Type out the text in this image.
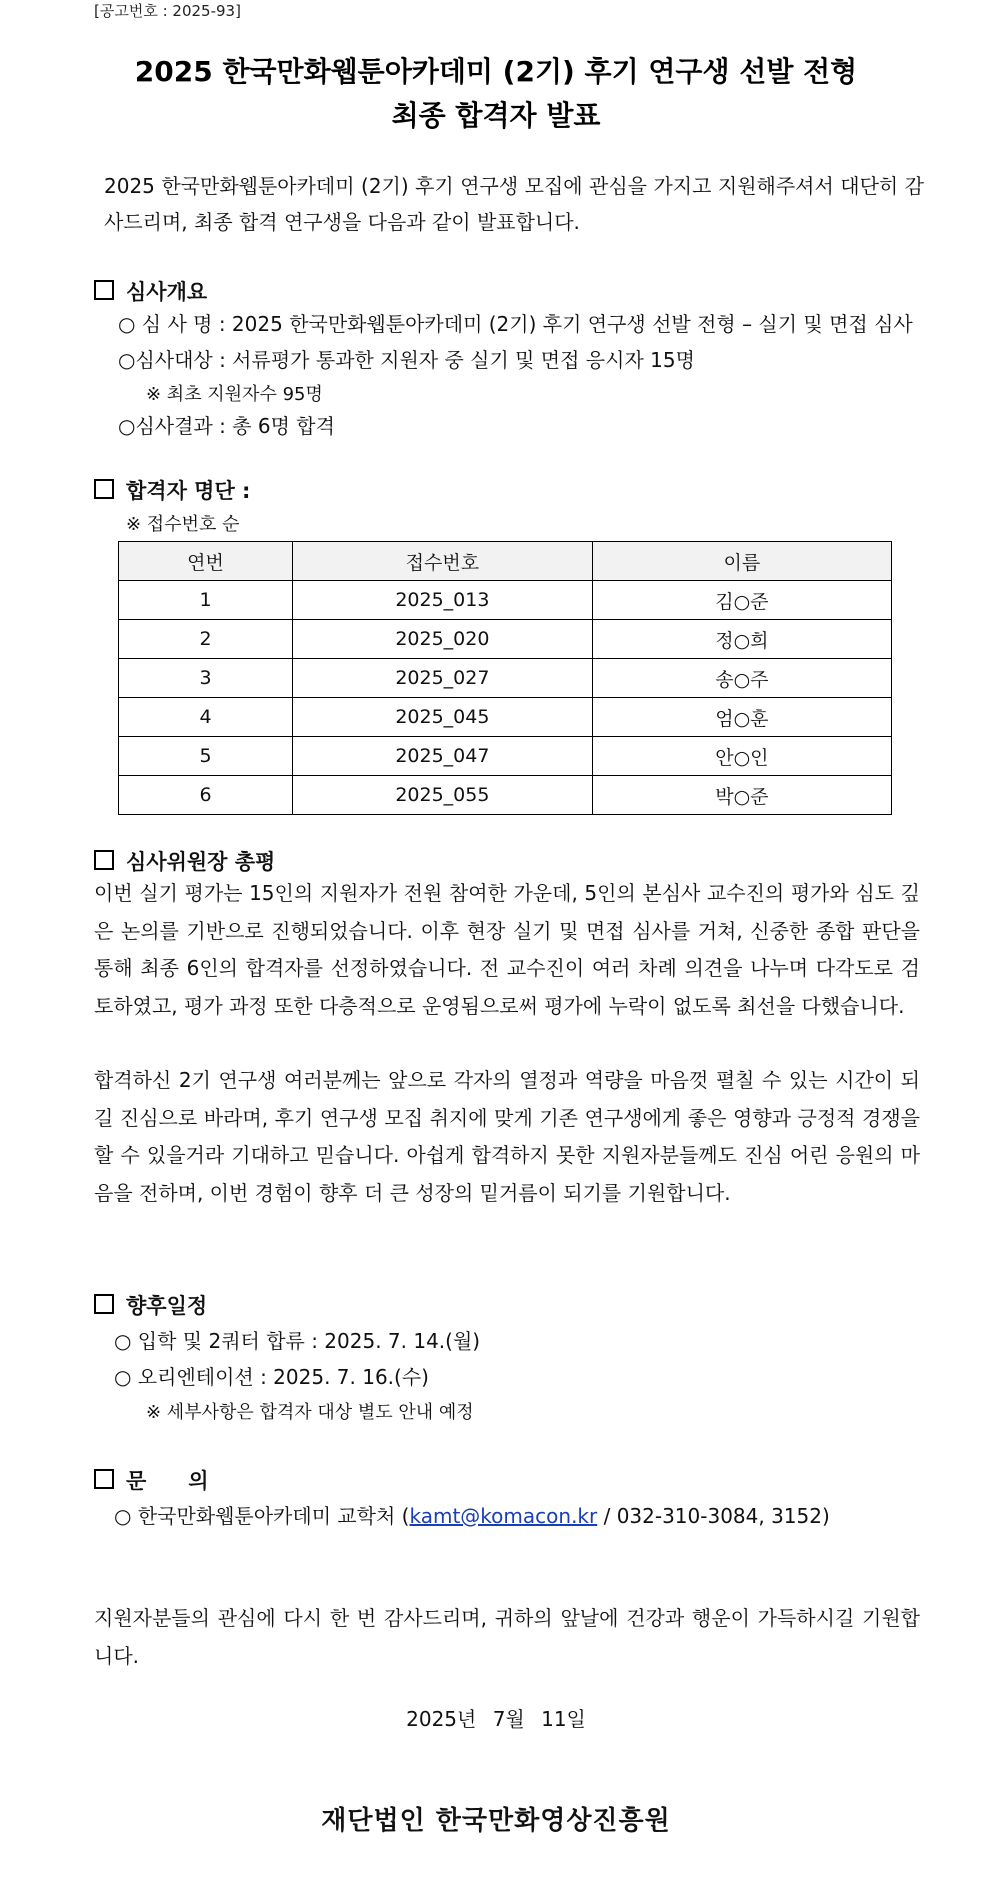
[공고번호 : 2025-93]
2025 한국만화웹툰아카데미 (2기) 후기 연구생 선발 전형
최종 합격자 발표
2025 한국만화웹툰아카데미 (2기) 후기 연구생 모집에 관심을 가지고 지원해주셔서 대단히 감사드리며, 최종 합격 연구생을 다음과 같이 발표합니다.
심사개요
○ 심 사 명 : 2025 한국만화웹툰아카데미 (2기) 후기 연구생 선발 전형 – 실기 및 면접 심사
○심사대상 : 서류평가 통과한 지원자 중 실기 및 면접 응시자 15명
※ 최초 지원자수 95명
○심사결과 : 총 6명 합격
합격자 명단 :
※ 접수번호 순
연번	접수번호	이름
1	2025_013	김○준
2	2025_020	정○희
3	2025_027	송○주
4	2025_045	엄○훈
5	2025_047	안○인
6	2025_055	박○준
심사위원장 총평
이번 실기 평가는 15인의 지원자가 전원 참여한 가운데, 5인의 본심사 교수진의 평가와 심도 깊은 논의를 기반으로 진행되었습니다. 이후 현장 실기 및 면접 심사를 거쳐, 신중한 종합 판단을 통해 최종 6인의 합격자를 선정하였습니다. 전 교수진이 여러 차례 의견을 나누며 다각도로 검토하였고, 평가 과정 또한 다층적으로 운영됨으로써 평가에 누락이 없도록 최선을 다했습니다.
합격하신 2기 연구생 여러분께는 앞으로 각자의 열정과 역량을 마음껏 펼칠 수 있는 시간이 되길 진심으로 바라며, 후기 연구생 모집 취지에 맞게 기존 연구생에게 좋은 영향과 긍정적 경쟁을 할 수 있을거라 기대하고 믿습니다. 아쉽게 합격하지 못한 지원자분들께도 진심 어린 응원의 마음을 전하며, 이번 경험이 향후 더 큰 성장의 밑거름이 되기를 기원합니다.
향후일정
○ 입학 및 2쿼터 합류 : 2025. 7. 14.(월)
○ 오리엔테이션 : 2025. 7. 16.(수)
※ 세부사항은 합격자 대상 별도 안내 예정
문　　의
○ 한국만화웹툰아카데미 교학처 (kamt@komacon.kr / 032-310-3084, 3152)
지원자분들의 관심에 다시 한 번 감사드리며, 귀하의 앞날에 건강과 행운이 가득하시길 기원합니다.
2025년 7월 11일
재단법인 한국만화영상진흥원
